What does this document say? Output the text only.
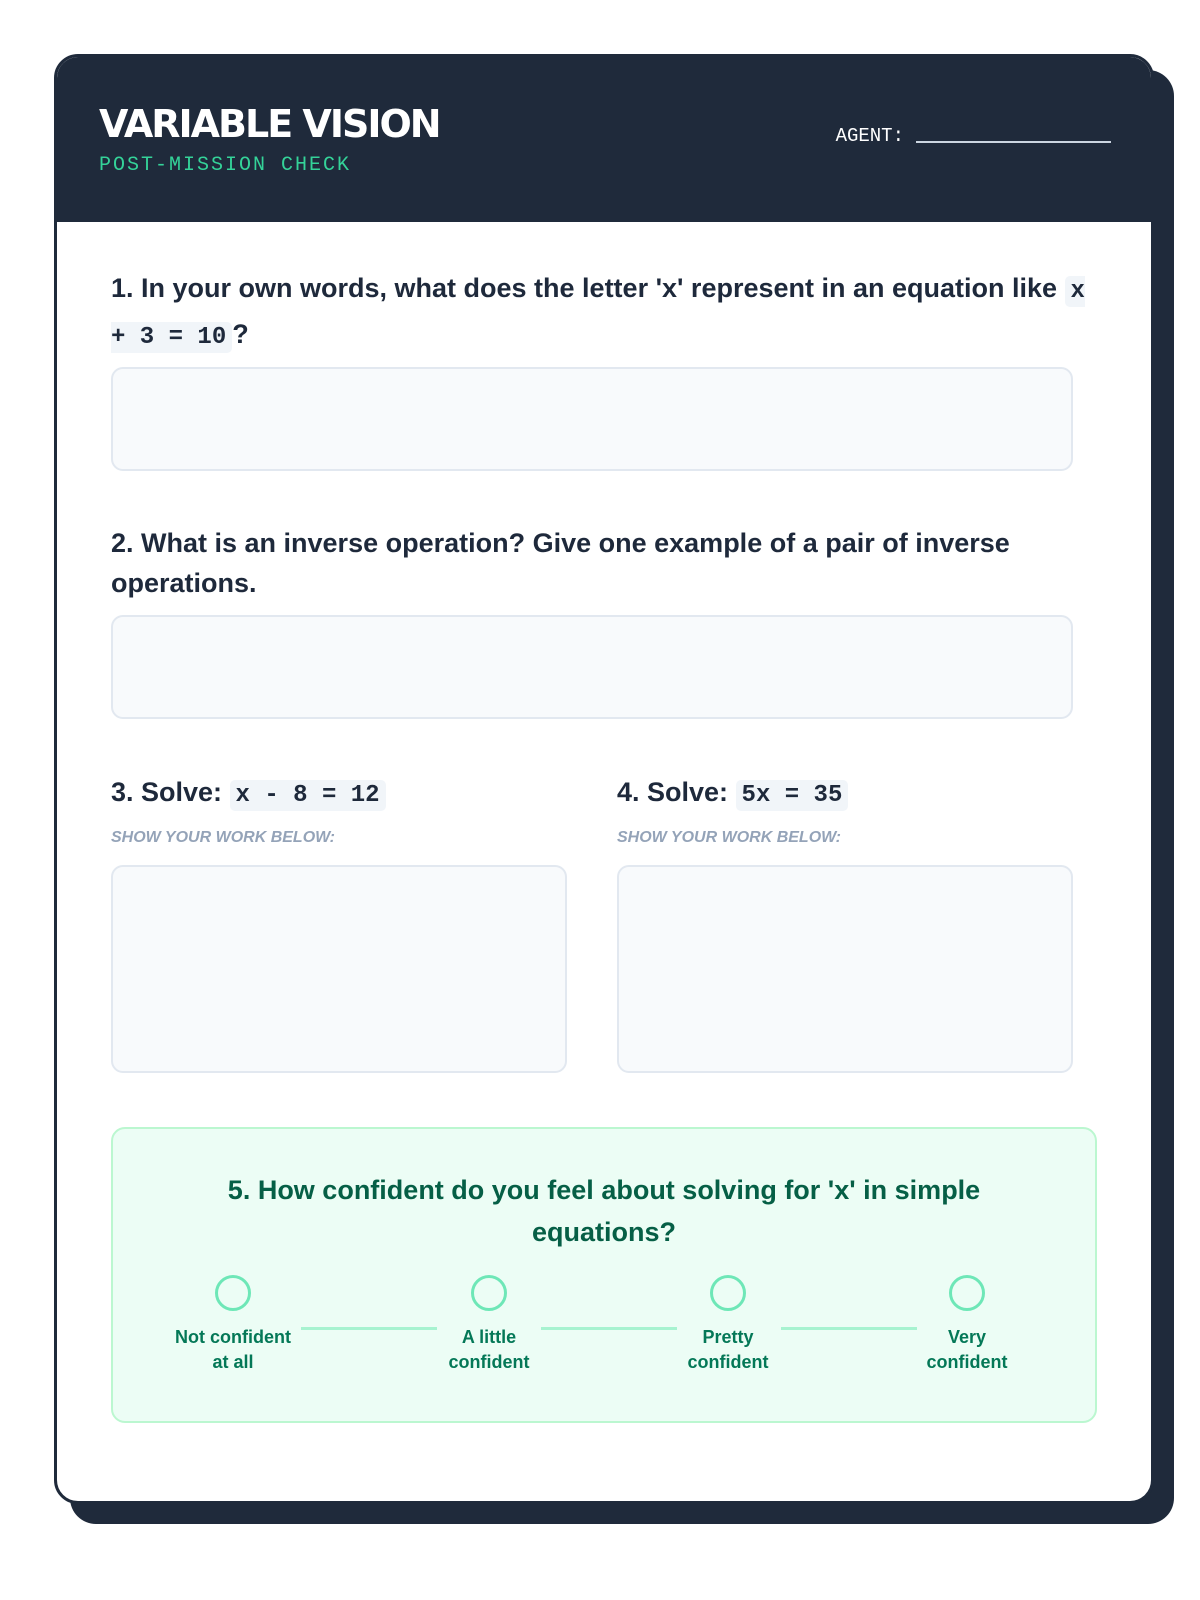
VARIABLE VISION
POST-MISSION CHECK
AGENT:

1. In your own words, what does the letter 'x' represent in an equation like x + 3 = 10 ?

2. What is an inverse operation? Give one example of a pair of inverse operations.

3. Solve: x - 8 = 12

SHOW YOUR WORK BELOW:

4. Solve: 5x = 35

SHOW YOUR WORK BELOW:

5. How confident do you feel about solving for 'x' in simple equations?

Not confident
at all
A little
confident
Pretty
confident
Very
confident
